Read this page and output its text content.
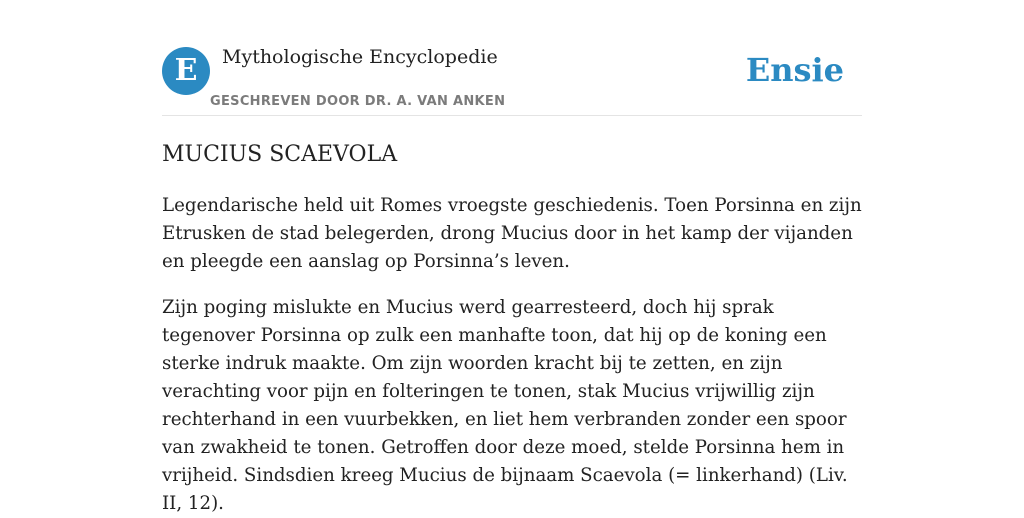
E	Mythologische Encyclopedie
GESCHREVEN DOOR DR. A. VAN ANKEN
Ensie
MUCIUS SCAEVOLA

Legendarische held uit Romes vroegste geschiedenis. Toen Porsinna en zijn Etrusken de stad belegerden, drong Mucius door in het kamp der vijanden en pleegde een aanslag op Porsinna’s leven.

Zijn poging mislukte en Mucius werd gearresteerd, doch hij sprak tegenover Porsinna op zulk een manhafte toon, dat hij op de koning een sterke indruk maakte. Om zijn woorden kracht bij te zetten, en zijn verachting voor pijn en folteringen te tonen, stak Mucius vrijwillig zijn rechterhand in een vuurbekken, en liet hem verbranden zonder een spoor van zwakheid te tonen. Getroffen door deze moed, stelde Porsinna hem in vrijheid. Sindsdien kreeg Mucius de bijnaam Scaevola (= linkerhand) (Liv. II, 12).
